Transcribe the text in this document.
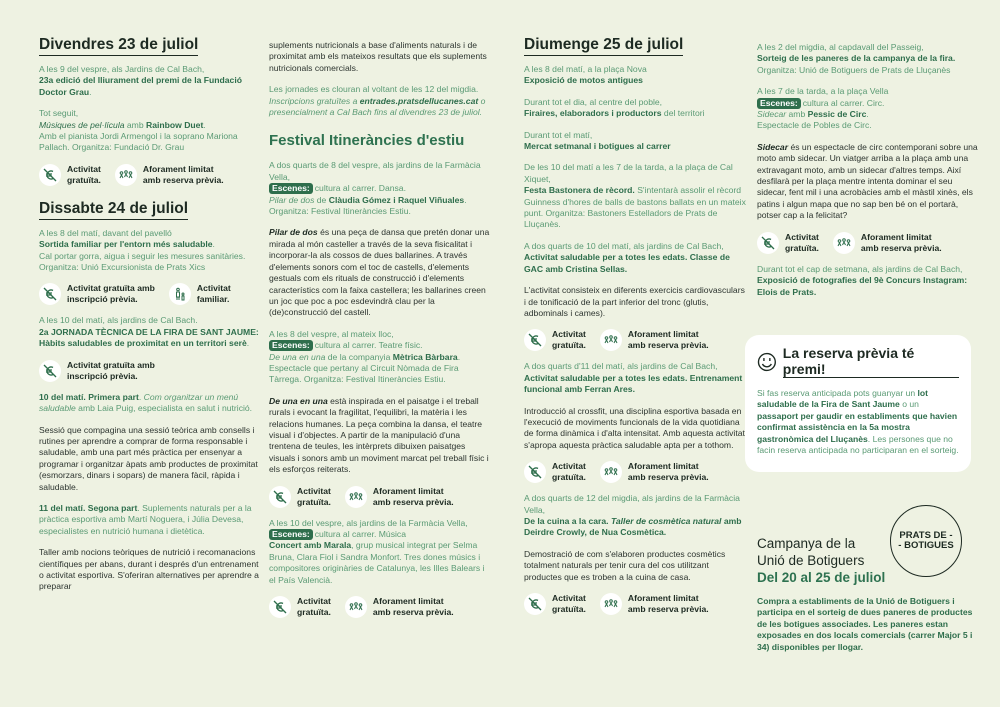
Divendres 23 de juliol

A les 9 del vespre, als Jardins de Cal Bach,
23a edició del lliurament del premi de la Fundació Doctor Grau.

Tot seguit,
Músiques de pel·lícula amb Rainbow Duet.
Amb el pianista Jordi Armengol i la soprano Mariona Pallach. Organitza: Fundació Dr. Grau

Activitat
gratuïta.
Aforament limitat
amb reserva prèvia.
Dissabte 24 de juliol

A les 8 del matí, davant del pavelló
Sortida familiar per l'entorn més saludable.
Cal portar gorra, aigua i seguir les mesures sanitàries. Organitza: Unió Excursionista de Prats Xics

Activitat gratuïta amb
inscripció prèvia.
Activitat
familiar.

A les 10 del matí, als jardins de Cal Bach.
2a JORNADA TÈCNICA DE LA FIRA DE SANT JAUME: Hàbits saludables de proximitat en un territori serè.

Activitat gratuïta amb
inscripció prèvia.

10 del matí. Primera part. Com organitzar un menú saludable amb Laia Puig, especialista en salut i nutrició.

Sessió que compagina una sessió teòrica amb consells i rutines per aprendre a comprar de forma responsable i saludable, amb una part més pràctica per ensenyar a programar i organitzar àpats amb productes de proximitat (esmorzars, dinars i sopars) de manera fàcil, ràpida i saludable.

11 del matí. Segona part. Suplements naturals per a la pràctica esportiva amb Martí Noguera, i Júlia Devesa, especialistes en nutrició humana i dietètica.

Taller amb nocions teòriques de nutrició i recomanacions científiques per abans, durant i després d'un entrenament o activitat esportiva. S'oferiran alternatives per aprendre a preparar

suplements nutricionals a base d'aliments naturals i de proximitat amb els mateixos resultats que els suplements nutricionals comercials.

Les jornades es clouran al voltant de les 12 del migdia. Inscripcions gratuïtes a entrades.pratsdellucanes.cat o presencialment a Cal Bach fins al divendres 23 de juliol.

Festival Itineràncies d'estiu

A dos quarts de 8 del vespre, als jardins de la Farmàcia Vella,
Escenes: cultura al carrer. Dansa.
Pilar de dos de Clàudia Gómez i Raquel Viñuales. Organitza: Festival Itineràncies Estiu.

Pilar de dos és una peça de dansa que pretén donar una mirada al món casteller a través de la seva fisicalitat i incorporar-la als cossos de dues ballarines. A través d'elements sonors com el toc de castells, d'elements gestuals com els rituals de construcció i d'elements característics com la faixa castellera; les ballarines creen un joc que poc a poc esdevindrà clau per la (de)construcció del castell.

A les 8 del vespre, al mateix lloc,
Escenes: cultura al carrer. Teatre físic.
De una en una de la companyia Mètrica Bàrbara. Espectacle que pertany al Circuit Nòmada de Fira Tàrrega. Organitza: Festival Itineràncies Estiu.

De una en una està inspirada en el paisatge i el treball rurals i evocant la fragilitat, l'equilibri, la matèria i les relacions humanes. La peça combina la dansa, el teatre visual i d'objectes. A partir de la manipulació d'una trentena de teules, les intèrprets dibuixen paisatges visuals i sonors amb un moviment marcat pel treball físic i els esforços reiterats.

Activitat
gratuïta.
Aforament limitat
amb reserva prèvia.

A les 10 del vespre, als jardins de la Farmàcia Vella,
Escenes: cultura al carrer. Música
Concert amb Marala, grup musical integrat per Selma Bruna, Clara Fiol i Sandra Monfort. Tres dones músics i compositores originàries de Catalunya, les Illes Balears i el País Valencià.

Activitat
gratuïta.
Aforament limitat
amb reserva prèvia.
Diumenge 25 de juliol

A les 8 del matí, a la plaça Nova
Exposició de motos antigues

Durant tot el dia, al centre del poble,
Firaires, elaboradors i productors del territori

Durant tot el matí,
Mercat setmanal i botigues al carrer

De les 10 del matí a les 7 de la tarda, a la plaça de Cal Xiquet,
Festa Bastonera de rècord. S'intentarà assolir el rècord Guinness d'hores de balls de bastons ballats en un mateix punt. Organitza: Bastoners Estelladors de Prats de Lluçanès.

A dos quarts de 10 del matí, als jardins de Cal Bach,
Activitat saludable per a totes les edats. Classe de GAC amb Cristina Sellas.

L'activitat consisteix en diferents exercicis cardiovasculars i de tonificació de la part inferior del tronc (glutis, adbominals i cames).

Activitat
gratuïta.
Aforament limitat
amb reserva prèvia.

A dos quarts d'11 del matí, als jardins de Cal Bach,
Activitat saludable per a totes les edats. Entrenament funcional amb Ferran Ares.

Introducció al crossfit, una disciplina esportiva basada en l'execució de moviments funcionals de la vida quotidiana de forma dinàmica i d'alta intensitat. Amb aquesta activitat s'apropa aquesta pràctica saludable apta per a tothom.

Activitat
gratuïta.
Aforament limitat
amb reserva prèvia.

A dos quarts de 12 del migdia, als jardins de la Farmàcia Vella,
De la cuina a la cara. Taller de cosmètica natural amb Deirdre Crowly, de Nua Cosmètica.

Demostració de com s'elaboren productes cosmètics totalment naturals per tenir cura del cos utilitzant productes que es troben a la cuina de casa.

Activitat
gratuïta.
Aforament limitat
amb reserva prèvia.

A les 2 del migdia, al capdavall del Passeig,
Sorteig de les paneres de la campanya de la fira. Organitza: Unió de Botiguers de Prats de Lluçanès

A les 7 de la tarda, a la plaça Vella
Escenes: cultura al carrer. Circ.
Sidecar amb Pessic de Circ.
Espectacle de Pobles de Circ.

Sidecar és un espectacle de circ contemporani sobre una moto amb sidecar. Un viatger arriba a la plaça amb una extravagant moto, amb un sidecar d'altres temps. Així desfilarà per la plaça mentre intenta dominar el seu sidecar, fent mil i una acrobàcies amb el màstil xinès, els patins i algun mapa que no sap ben bé on el portarà, potser cap a la felicitat?

Activitat
gratuïta.
Aforament limitat
amb reserva prèvia.

Durant tot el cap de setmana, als jardins de Cal Bach,
Exposició de fotografies del 9è Concurs Instagram: Elois de Prats.

La reserva prèvia té premi!

Si fas reserva anticipada pots guanyar un lot saludable de la Fira de Sant Jaume o un passaport per gaudir en establiments que havien confirmat assistència en la 5a mostra gastronòmica del Lluçanès. Les persones que no facin reserva anticipada no participaran en el sorteig.

PRATS DE -
- BOTIGUES
Campanya de la
Unió de Botiguers
Del 20 al 25 de juliol

Compra a establiments de la Unió de Botiguers i participa en el sorteig de dues paneres de productes de les botigues associades. Les paneres estan exposades en dos locals comercials (carrer Major 5 i 34) disponibles per llogar.
